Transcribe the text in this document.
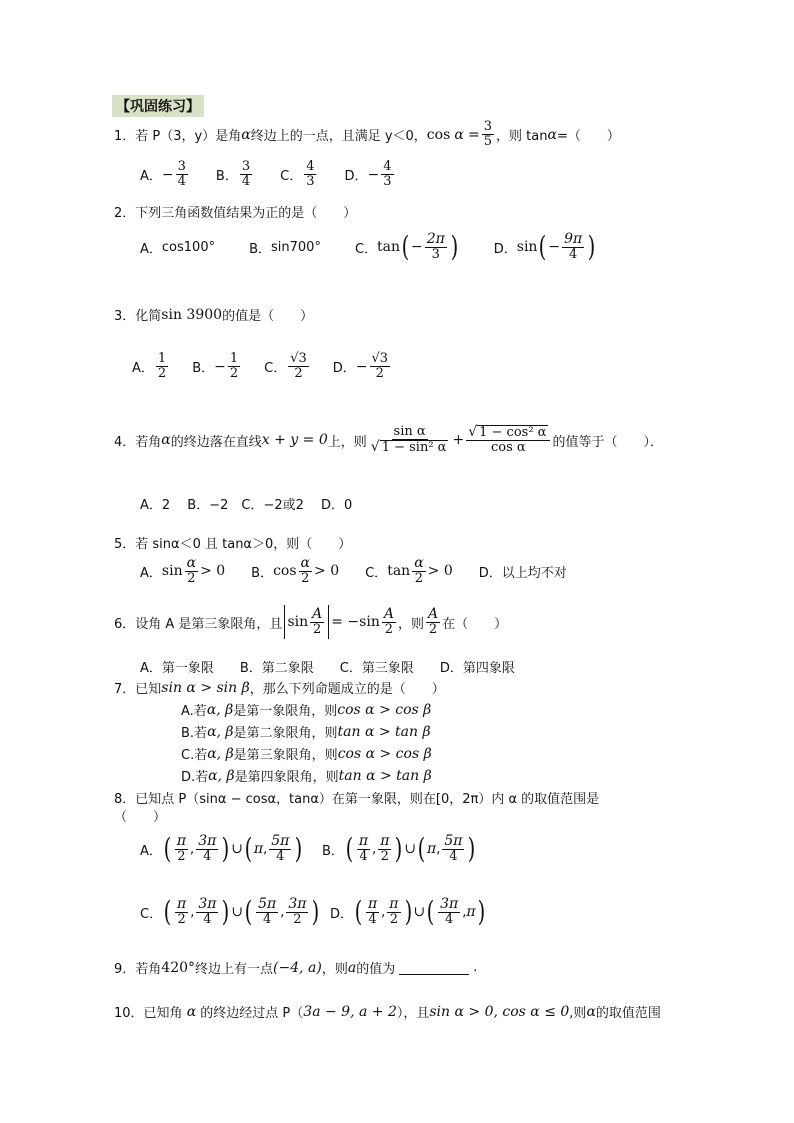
【巩固练习】
1．若 P（3，y）是角 α 终边上的一点，且满足 y＜0， cos
α
= $\frac{3}{5}$ ，则 tan α =（　　）
A． − $\frac{3}{4}$ B． $\frac{3}{4}$ C． $\frac{4}{3}$ D． − $\frac{4}{3}$
2．下列三角函数值结果为正的是（　　）
A． cos100°	B． sin700°	C． tan ( − $\frac{2\pi}{3}$ )	D． sin ( − $\frac{9\pi}{4}$ )
3．化简 sin 390 0 的值是（　　）
A． $\frac{1}{2}$ B． − $\frac{1}{2}$ C． $\frac{√3}{2}$ D． − $\frac{√3}{2}$
4．若角 α 的终边落在直线 x + y = 0 上，则 $\frac{\text{sin α}}{\text{√ 1 − sin² α}} + \frac{\text{√ 1 − cos² α}}{\text{cos α}}$ 的值等于（　　）．
A．2　 B．−2　C．−2或2　 D．0
5．若 sinα＜0 且 tanα＞0，则（　　）
A． $\sin \frac{\alpha}{2} > 0$ B． $\cos \frac{\alpha}{2} > 0$ C． $\tan \frac{\alpha}{2} > 0$ D．以上均不对
6．设角 A 是第三象限角，且 $\sin \frac{A}{2} = -\sin \frac{A}{2}$ ，则 $\frac{A}{2}$ 在（　　）
A．第一象限　　B．第二象限　　C．第三象限　　D．第四象限
7．已知 sin α > sin β ，那么下列命题成立的是（　　）
A.若 α, β 是第一象限角，则 cos α > cos β
B.若 α, β 是第二象限角，则 tan α > tan β
C.若 α, β 是第三象限角，则 cos α > cos β
D.若 α, β 是第四象限角，则 tan α > tan β
8．已知点 P（sinα − cosα，tanα）在第一象限，则在[0，2π）内 α 的取值范围是
（　　）
A． ( $\frac{\pi}{2}$ , $\frac{3\pi}{4}$ ) ∪ ( π , $\frac{5\pi}{4}$ ) B． ( $\frac{\pi}{4}$ , $\frac{\pi}{2}$ ) ∪ ( π , $\frac{5\pi}{4}$ )
C． ( $\frac{\pi}{2}$ , $\frac{3\pi}{4}$ ) ∪ ( $\frac{5\pi}{4}$ , $\frac{3\pi}{2}$ ) D． ( $\frac{\pi}{4}$ , $\frac{\pi}{2}$ ) ∪ ( $\frac{3\pi}{4}$ , π )
9．若角 420° 终边上有一点 (−4, a) ，则 a 的值为	.
10．已知角
α
的终边经过点 P（ 3a − 9, a + 2 ），且 sin α > 0, cos α ≤ 0 ,则 α 的取值范围
